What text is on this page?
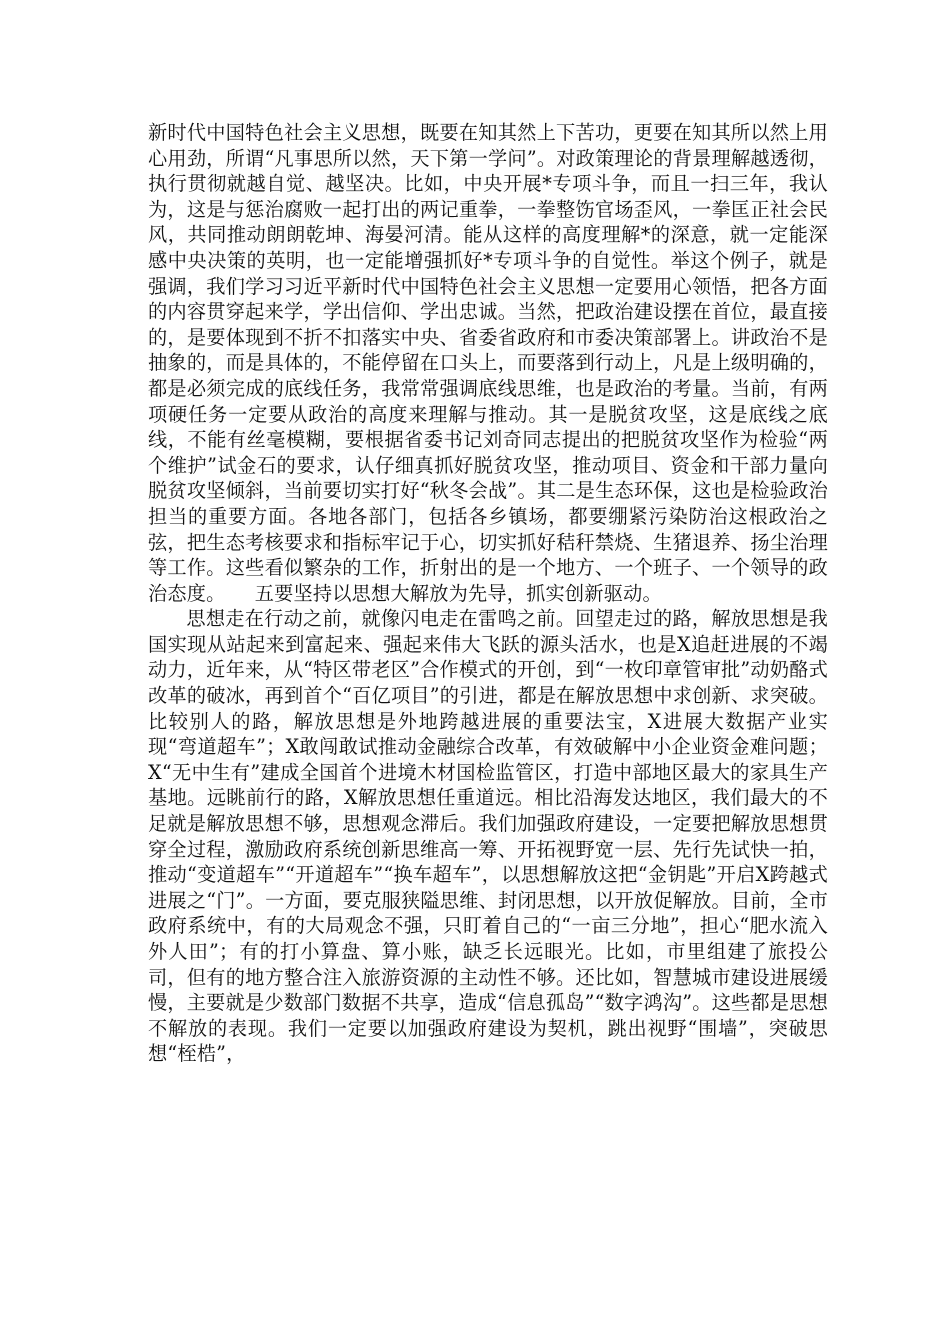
新时代中国特色社会主义思想，既要在知其然上下苦功，更要在知其所以然上用心用劲，所谓“凡事思所以然，天下第一学问”。对政策理论的背景理解越透彻，执行贯彻就越自觉、越坚决。比如，中央开展*专项斗争，而且一扫三年，我认为，这是与惩治腐败一起打出的两记重拳，一拳整饬官场歪风，一拳匡正社会民风，共同推动朗朗乾坤、海晏河清。能从这样的高度理解*的深意，就一定能深感中央决策的英明，也一定能增强抓好*专项斗争的自觉性。举这个例子，就是强调，我们学习习近平新时代中国特色社会主义思想一定要用心领悟，把各方面的内容贯穿起来学，学出信仰、学出忠诚。当然，把政治建设摆在首位，最直接的，是要体现到不折不扣落实中央、省委省政府和市委决策部署上。讲政治不是抽象的，而是具体的，不能停留在口头上，而要落到行动上，凡是上级明确的，都是必须完成的底线任务，我常常强调底线思维，也是政治的考量。当前，有两项硬任务一定要从政治的高度来理解与推动。其一是脱贫攻坚，这是底线之底线，不能有丝毫模糊，要根据省委书记刘奇同志提出的把脱贫攻坚作为检验“两个维护”试金石的要求，认仔细真抓好脱贫攻坚，推动项目、资金和干部力量向脱贫攻坚倾斜，当前要切实打好“秋冬会战”。其二是生态环保，这也是检验政治担当的重要方面。各地各部门，包括各乡镇场，都要绷紧污染防治这根政治之弦，把生态考核要求和指标牢记于心，切实抓好秸秆禁烧、生猪退养、扬尘治理等工作。这些看似繁杂的工作，折射出的是一个地方、一个班子、一个领导的政治态度。　　五要坚持以思想大解放为先导，抓实创新驱动。

思想走在行动之前，就像闪电走在雷鸣之前。回望走过的路，解放思想是我国实现从站起来到富起来、强起来伟大飞跃的源头活水，也是X追赶进展的不竭动力，近年来，从“特区带老区”合作模式的开创，到“一枚印章管审批”动奶酪式改革的破冰，再到首个“百亿项目”的引进，都是在解放思想中求创新、求突破。比较别人的路，解放思想是外地跨越进展的重要法宝，X进展大数据产业实现“弯道超车”；X敢闯敢试推动金融综合改革，有效破解中小企业资金难问题；X“无中生有”建成全国首个进境木材国检监管区，打造中部地区最大的家具生产基地。远眺前行的路，X解放思想任重道远。相比沿海发达地区，我们最大的不足就是解放思想不够，思想观念滞后。我们加强政府建设，一定要把解放思想贯穿全过程，激励政府系统创新思维高一筹、开拓视野宽一层、先行先试快一拍，推动“变道超车”“开道超车”“换车超车”，以思想解放这把“金钥匙”开启X跨越式进展之“门”。一方面，要克服狭隘思维、封闭思想，以开放促解放。目前，全市政府系统中，有的大局观念不强，只盯着自己的“一亩三分地”，担心“肥水流入外人田”；有的打小算盘、算小账，缺乏长远眼光。比如，市里组建了旅投公司，但有的地方整合注入旅游资源的主动性不够。还比如，智慧城市建设进展缓慢，主要就是少数部门数据不共享，造成“信息孤岛”“数字鸿沟”。这些都是思想不解放的表现。我们一定要以加强政府建设为契机，跳出视野“围墙”，突破思想“桎梏”，
